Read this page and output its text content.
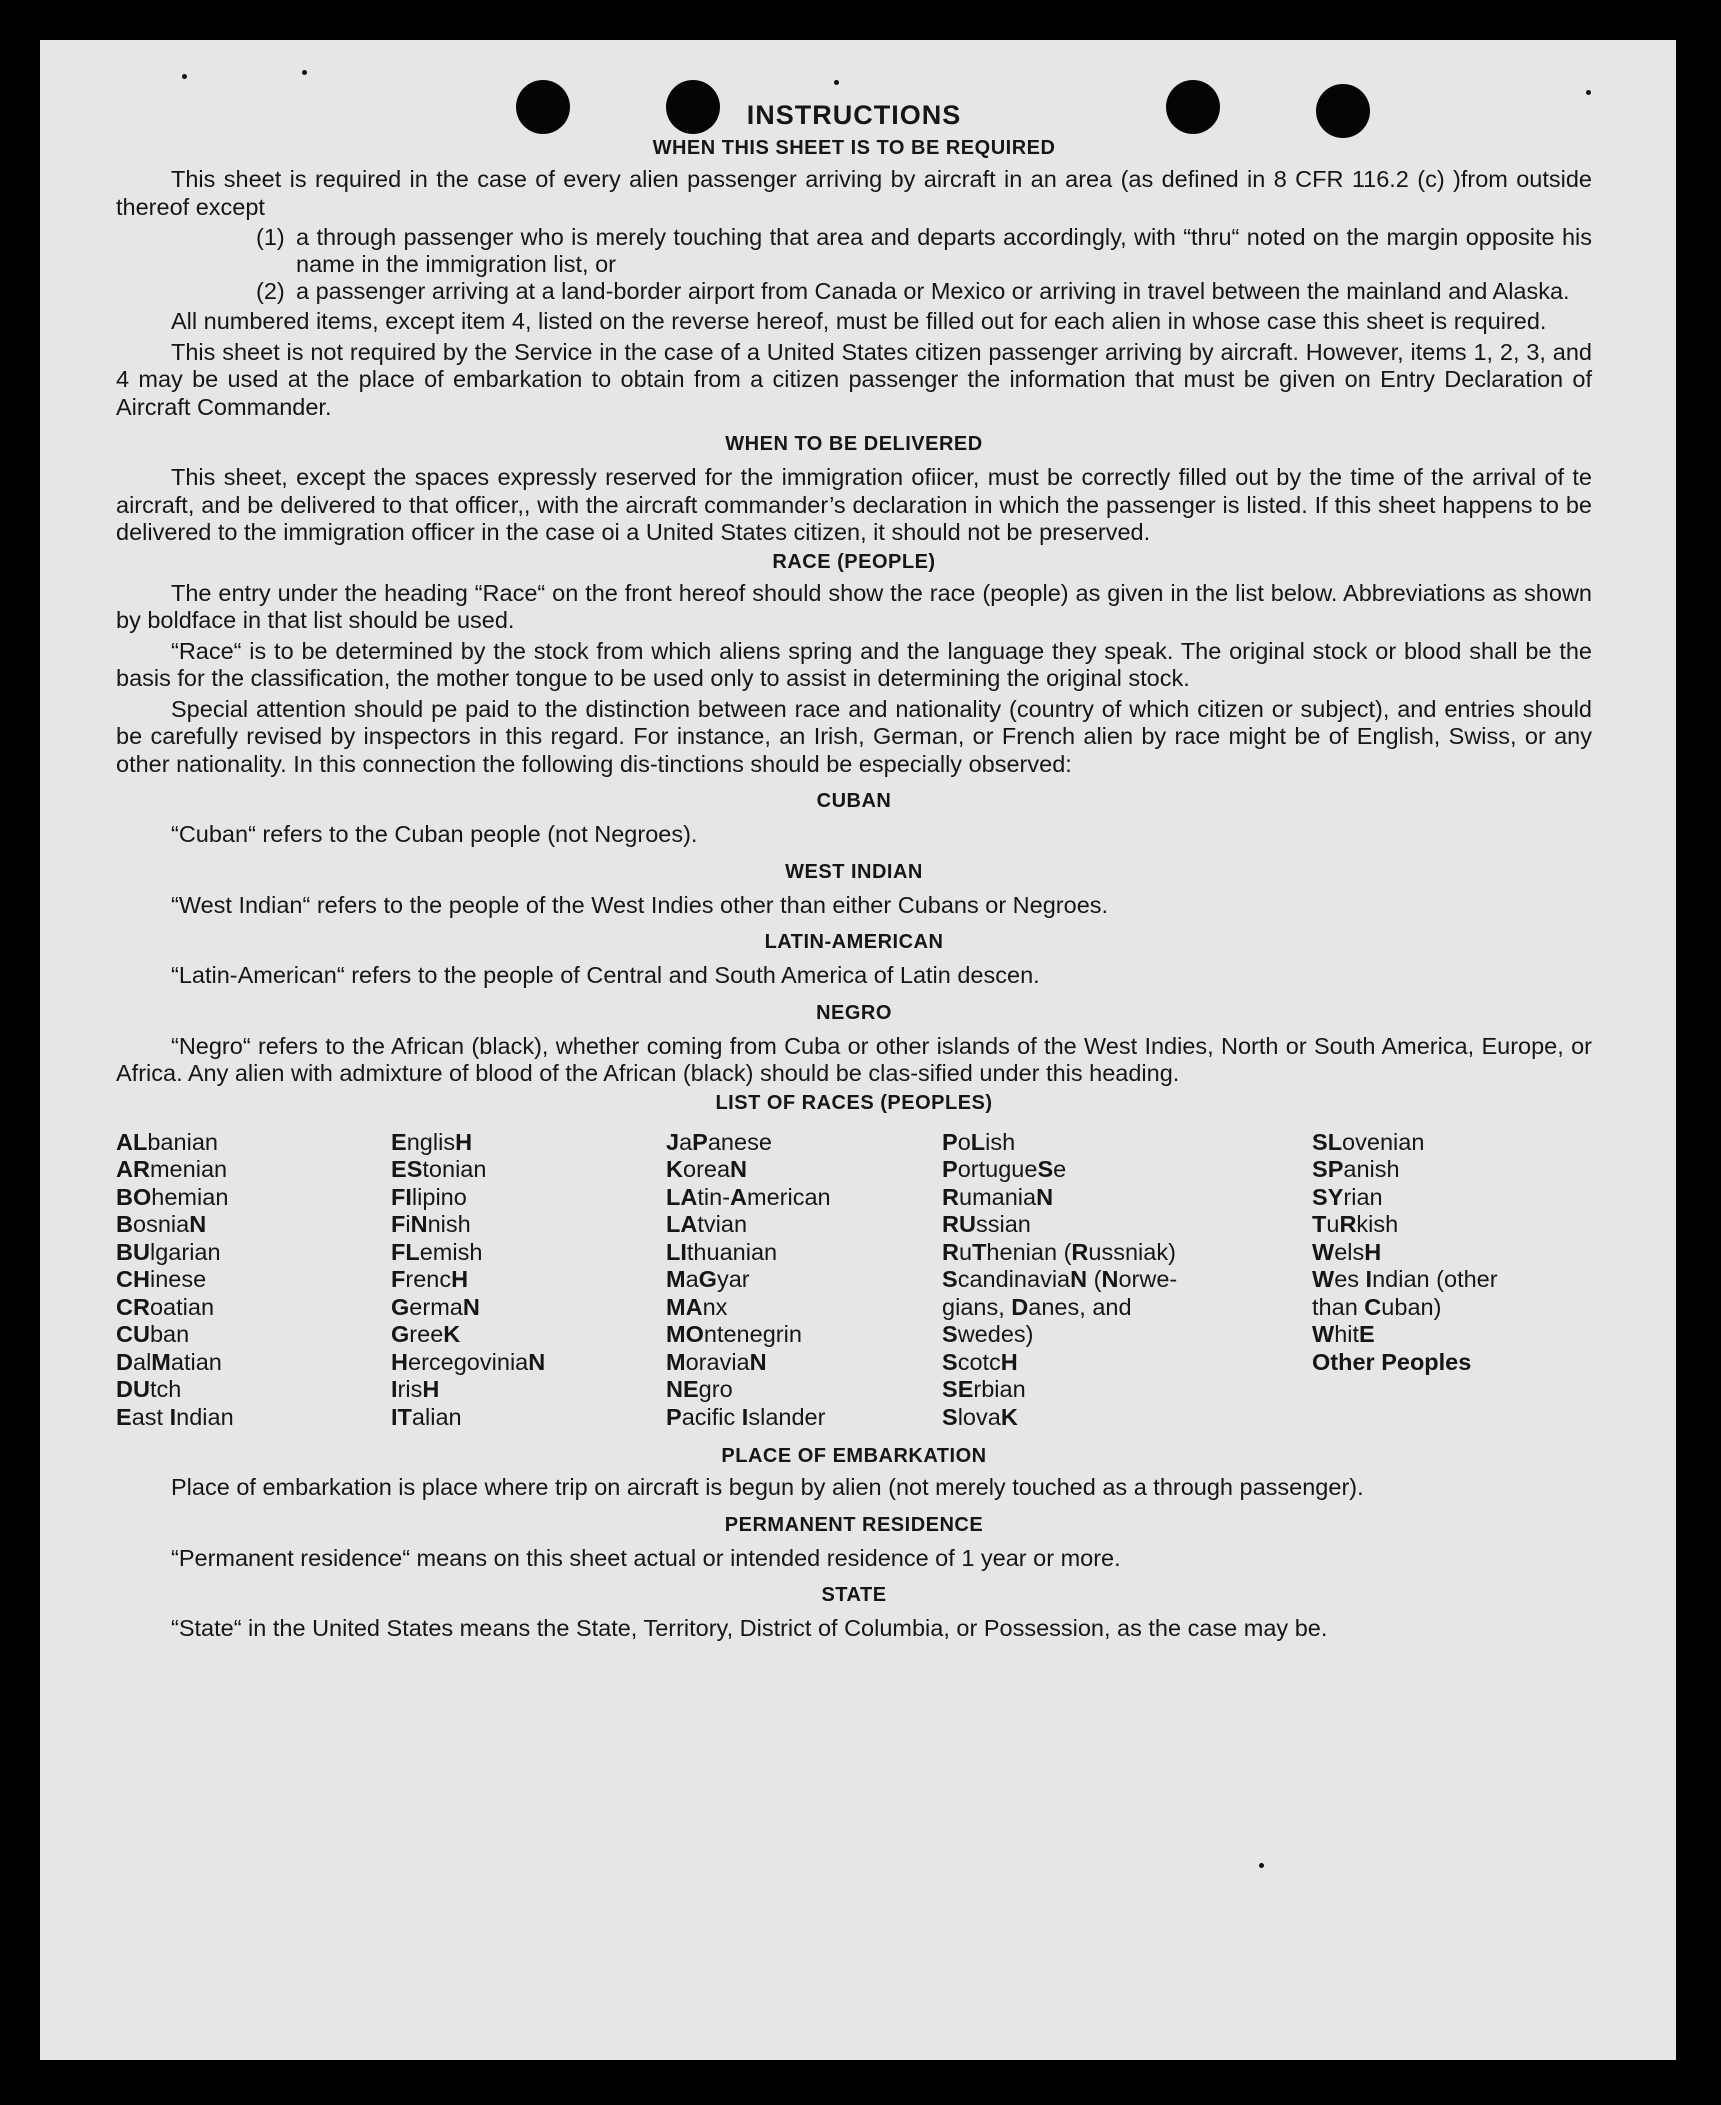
INSTRUCTIONS
WHEN THIS SHEET IS TO BE REQUIRED

This sheet is required in the case of every alien passenger arriving by aircraft in an area (as defined in 8 CFR 116.2 (c) )from outside thereof except

(1) a through passenger who is merely touching that area and departs accordingly, with “thru“ noted on the margin opposite his name in the immigration list, or
(2) a passenger arriving at a land-border airport from Canada or Mexico or arriving in travel between the mainland and Alaska.

All numbered items, except item 4, listed on the reverse hereof, must be filled out for each alien in whose case this sheet is required.

This sheet is not required by the Service in the case of a United States citizen passenger arriving by aircraft. However, items 1, 2, 3, and 4 may be used at the place of embarkation to obtain from a citizen passenger the information that must be given on Entry Declaration of Aircraft Commander.

WHEN TO BE DELIVERED

This sheet, except the spaces expressly reserved for the immigration ofiicer, must be correctly filled out by the time of the arrival of te aircraft, and be delivered to that officer,, with the aircraft commander’s declaration in which the passenger is listed. If this sheet happens to be delivered to the immigration officer in the case oi a United States citizen, it should not be preserved.

RACE (PEOPLE)

The entry under the heading “Race“ on the front hereof should show the race (people) as given in the list below. Abbreviations as shown by boldface in that list should be used.

“Race“ is to be determined by the stock from which aliens spring and the language they speak. The original stock or blood shall be the basis for the classification, the mother tongue to be used only to assist in determining the original stock.

Special attention should pe paid to the distinction between race and nationality (country of which citizen or subject), and entries should be carefully revised by inspectors in this regard. For instance, an Irish, German, or French alien by race might be of English, Swiss, or any other nationality. In this connection the following dis-tinctions should be especially observed:

CUBAN

“Cuban“ refers to the Cuban people (not Negroes).

WEST INDIAN

“West Indian“ refers to the people of the West Indies other than either Cubans or Negroes.

LATIN-AMERICAN

“Latin-American“ refers to the people of Central and South America of Latin descen.

NEGRO

“Negro“ refers to the African (black), whether coming from Cuba or other islands of the West Indies, North or South America, Europe, or Africa. Any alien with admixture of blood of the African (black) should be clas-sified under this heading.

LIST OF RACES (PEOPLES)
ALbanian
ARmenian
BOhemian
BosniaN
BUlgarian
CHinese
CRoatian
CUban
DalMatian
DUtch
East Indian
EnglisH
EStonian
FIlipino
FiNnish
FLemish
FrencH
GermaN
GreeK
HercegoviniaN
IrisH
ITalian
JaPanese
KoreaN
LAtin-American
LAtvian
LIthuanian
MaGyar
MAnx
MOntenegrin
MoraviaN
NEgro
Pacific Islander
PoLish
PortugueSe
RumaniaN
RUssian
RuThenian (Russniak)
ScandinaviaN (Norwe-
gians, Danes, and
Swedes)
ScotcH
SErbian
SlovaK
SLovenian
SPanish
SYrian
TuRkish
WelsH
Wes Indian (other
than Cuban)
WhitE
Other Peoples
PLACE OF EMBARKATION

Place of embarkation is place where trip on aircraft is begun by alien (not merely touched as a through passenger).

PERMANENT RESIDENCE

“Permanent residence“ means on this sheet actual or intended residence of 1 year or more.

STATE

“State“ in the United States means the State, Territory, District of Columbia, or Possession, as the case may be.
